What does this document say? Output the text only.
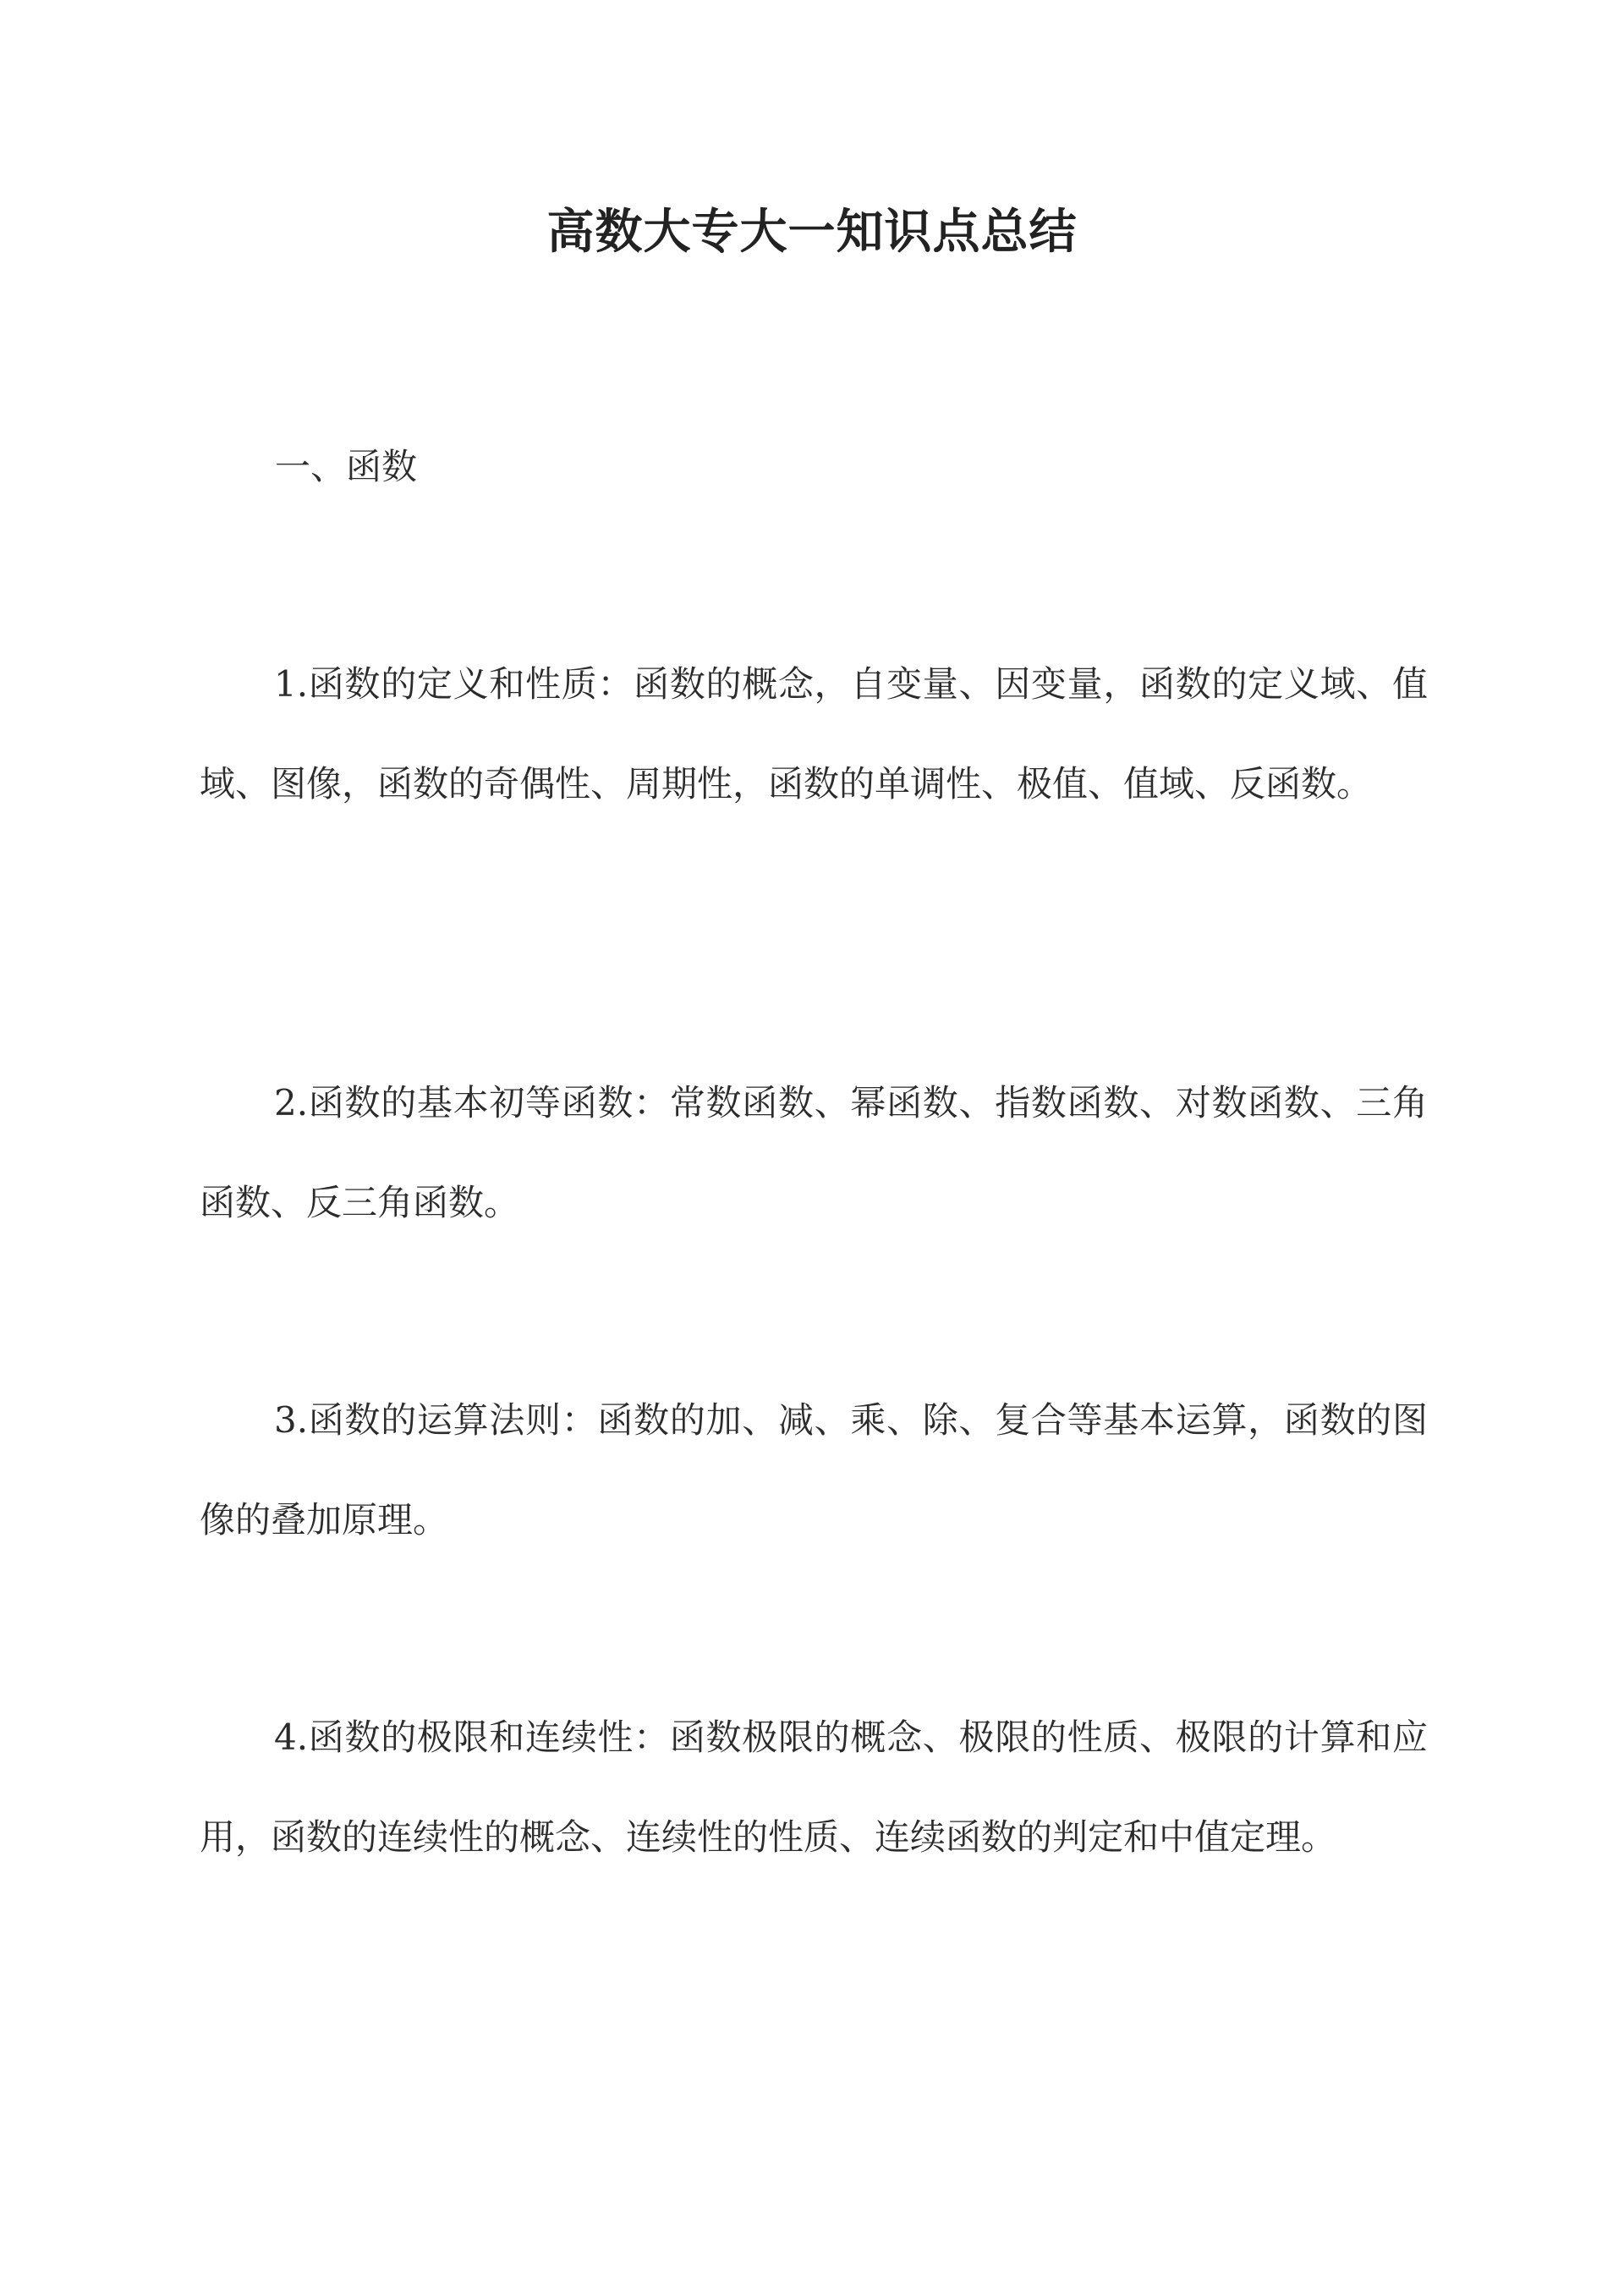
高数大专大一知识点总结
一、函数

1.函数的定义和性质：函数的概念，自变量、因变量，函数的定义域、值域、图像，函数的奇偶性、周期性，函数的单调性、极值、值域、反函数。

2.函数的基本初等函数：常数函数、幂函数、指数函数、对数函数、三角函数、反三角函数。

3.函数的运算法则：函数的加、减、乘、除、复合等基本运算，函数的图像的叠加原理。

4.函数的极限和连续性：函数极限的概念、极限的性质、极限的计算和应用，函数的连续性的概念、连续性的性质、连续函数的判定和中值定理。
